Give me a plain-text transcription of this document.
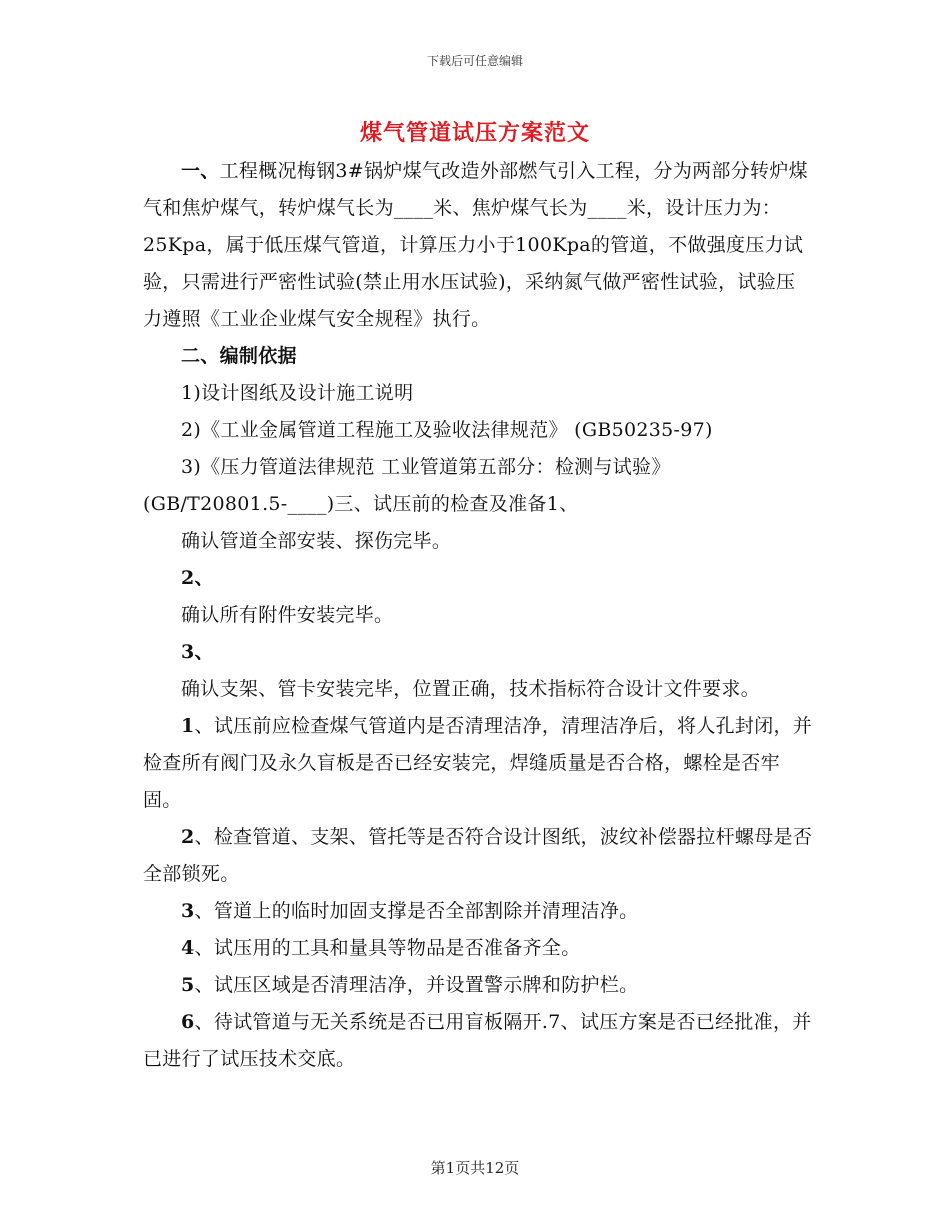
下载后可任意编辑
煤气管道试压方案范文

一、工程概况梅钢3#锅炉煤气改造外部燃气引入工程，分为两部分转炉煤气和焦炉煤气，转炉煤气长为____米、焦炉煤气长为____米，设计压力为：25Kpa，属于低压煤气管道，计算压力小于100Kpa的管道，不做强度压力试验，只需进行严密性试验(禁止用水压试验)，采纳氮气做严密性试验，试验压力遵照《工业企业煤气安全规程》执行。

二、编制依据

1)设计图纸及设计施工说明

2)《工业金属管道工程施工及验收法律规范》 (GB50235-97)

3)《压力管道法律规范 工业管道第五部分：检测与试验》(GB/T20801.5-____)三、试压前的检查及准备1、

确认管道全部安装、探伤完毕。

2、

确认所有附件安装完毕。

3、

确认支架、管卡安装完毕，位置正确，技术指标符合设计文件要求。

1、试压前应检查煤气管道内是否清理洁净，清理洁净后，将人孔封闭，并检查所有阀门及永久盲板是否已经安装完，焊缝质量是否合格，螺栓是否牢固。

2、检查管道、支架、管托等是否符合设计图纸，波纹补偿器拉杆螺母是否全部锁死。

3、管道上的临时加固支撑是否全部割除并清理洁净。

4、试压用的工具和量具等物品是否准备齐全。

5、试压区域是否清理洁净，并设置警示牌和防护栏。

6、待试管道与无关系统是否已用盲板隔开.7、试压方案是否已经批准，并已进行了试压技术交底。

第1页共12页
